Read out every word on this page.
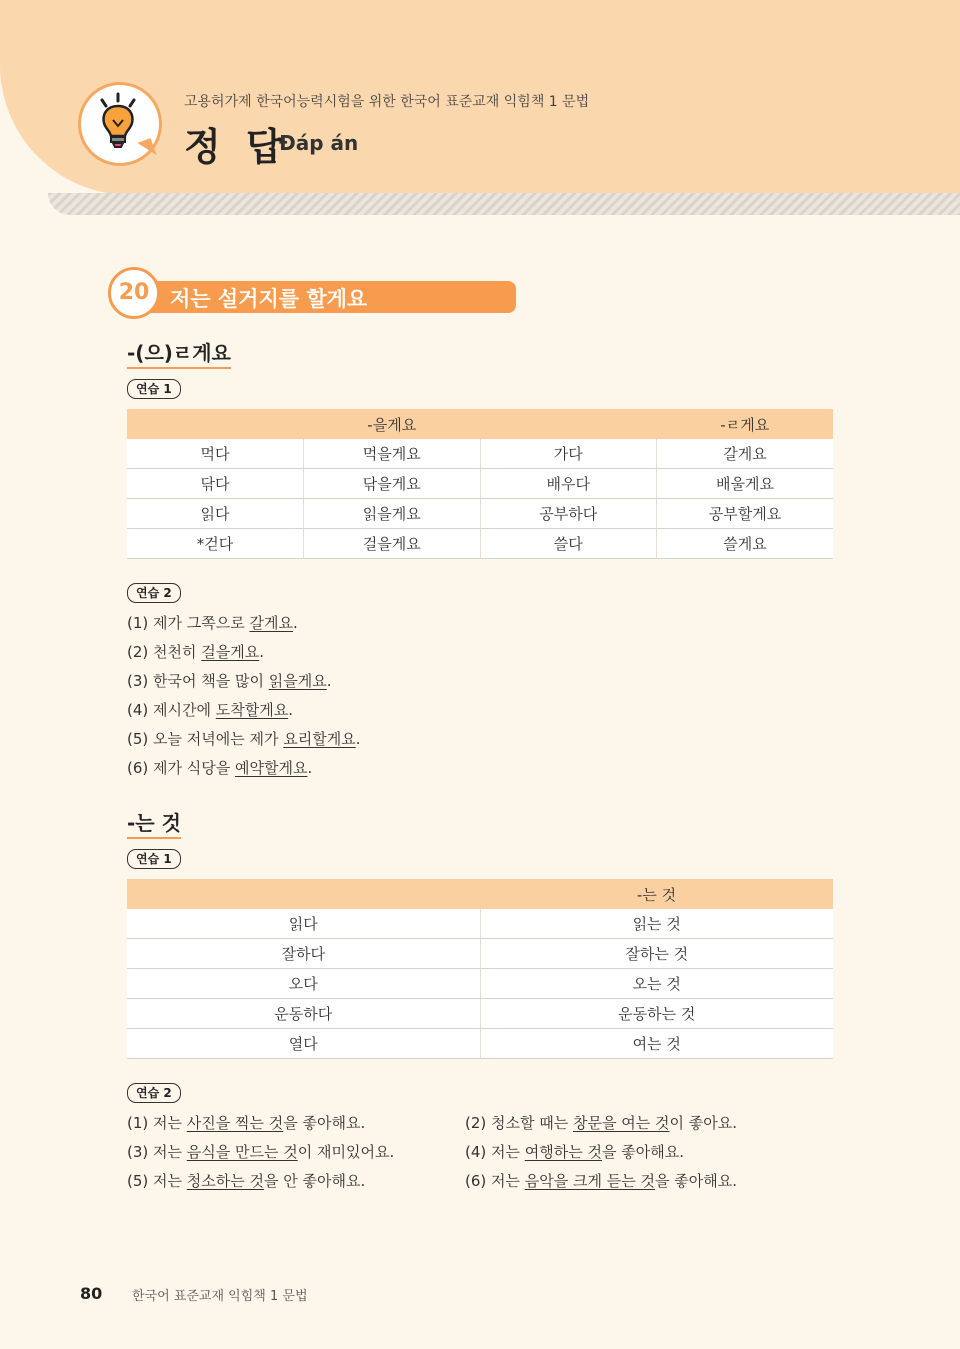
고용허가제 한국어능력시험을 위한 한국어 표준교재 익힘책 1 문법
정 답
Đáp án
20 저는 설거지를 할게요
-(으)ㄹ게요
연습 1
	-을게요		-ㄹ게요
먹다	먹을게요	가다	갈게요
닦다	닦을게요	배우다	배울게요
읽다	읽을게요	공부하다	공부할게요
*걷다	걸을게요	쓸다	쓸게요
연습 2
(1) 제가 그쪽으로 갈게요.
(2) 천천히 걸을게요.
(3) 한국어 책을 많이 읽을게요.
(4) 제시간에 도착할게요.
(5) 오늘 저녁에는 제가 요리할게요.
(6) 제가 식당을 예약할게요.
-는 것
연습 1
	-는 것
읽다	읽는 것
잘하다	잘하는 것
오다	오는 것
운동하다	운동하는 것
열다	여는 것
연습 2
(1) 저는 사진을 찍는 것을 좋아해요.	(2) 청소할 때는 창문을 여는 것이 좋아요.
(3) 저는 음식을 만드는 것이 재미있어요.	(4) 저는 여행하는 것을 좋아해요.
(5) 저는 청소하는 것을 안 좋아해요.	(6) 저는 음악을 크게 듣는 것을 좋아해요.
80 한국어 표준교재 익힘책 1 문법
